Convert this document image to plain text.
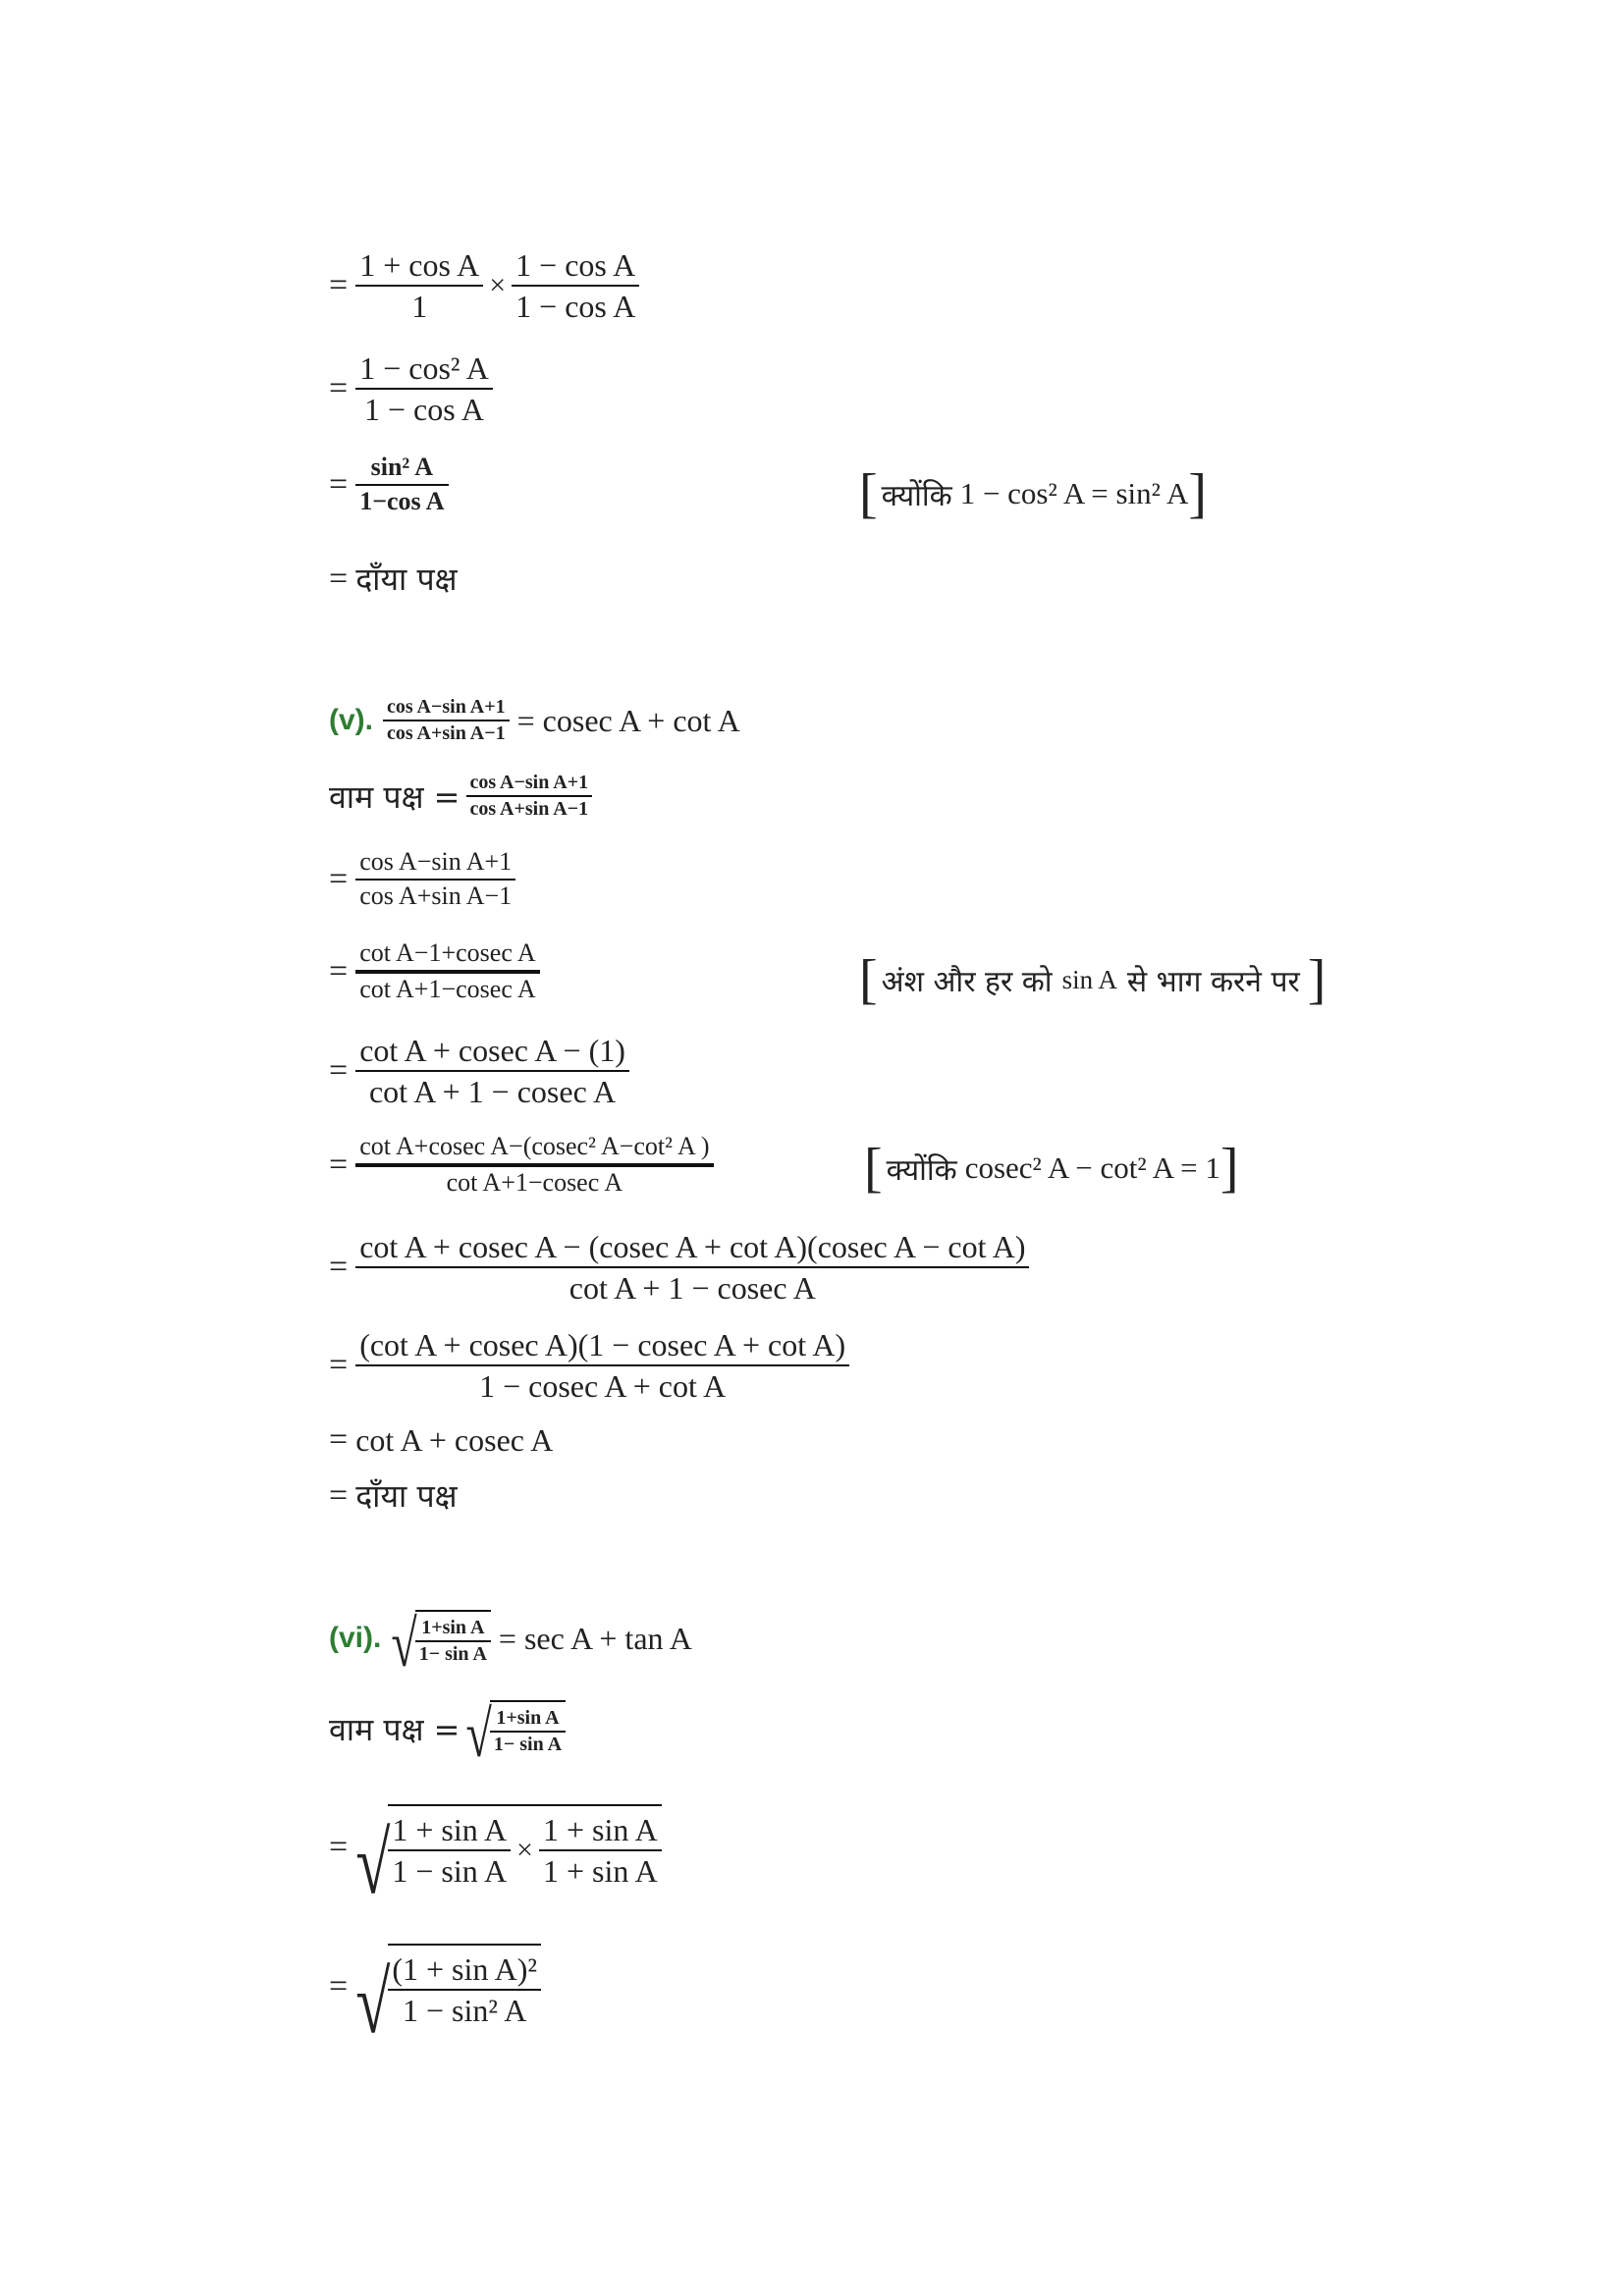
= $\frac{\text{1 + cos A}}{1} \times \frac{\text{1 − cos A}}{\text{1 − cos A}}$
= $\frac{\text{1 − cos² A}}{\text{1 − cos A}}$
= $\frac{\text{sin² A}}{\text{1−cos A}}$	[ क्योंकि 1 − cos² A = sin² A ]
= दाँया पक्ष
(v). $\frac{\text{cos A−sin A+1}}{\text{cos A+sin A−1}} = cosec$ A + cot A
वाम पक्ष = $\frac{\text{cos A−sin A+1}}{\text{cos A+sin A−1}}$
= $\frac{\text{cos A−sin A+1}}{\text{cos A+sin A−1}}$
= $\frac{\text{cot A−1+cosec A}}{\text{cot A+1−cosec A}}$	[ अंश और हर को sin A से भाग करने पर ]
= $\frac{\text{cot A + cosec A − (1)}}{\text{cot A + 1 − cosec A}}$
= $\frac{\text{cot A+cosec A−(cosec² A−cot² A )}}{\text{cot A+1−cosec A}}$	[ क्योंकि cosec² A − cot² A = 1 ]
= $\frac{\text{cot A + cosec A − (cosec A + cot A)(cosec A − cot A)}}{\text{cot A + 1 − cosec A}}$
= $\frac{\text{(cot A + cosec A)(1 − cosec A + cot A)}}{\text{1 − cosec A + cot A}}$
= cot A + cosec A
= दाँया पक्ष
(vi). √
$\frac{\text{1+sin A}}{\text{1− sin A}} = \sec A + \tan A$
वाम पक्ष = √
$\frac{\text{1+sin A}}{\text{1− sin A}}$
= √
$\frac{\text{1 + sin A}}{\text{1 − sin A}} \times \frac{\text{1 + sin A}}{\text{1 + sin A}}$
= √
$\frac{\text{(1 + sin A)²}}{\text{1 − sin² A}}$
